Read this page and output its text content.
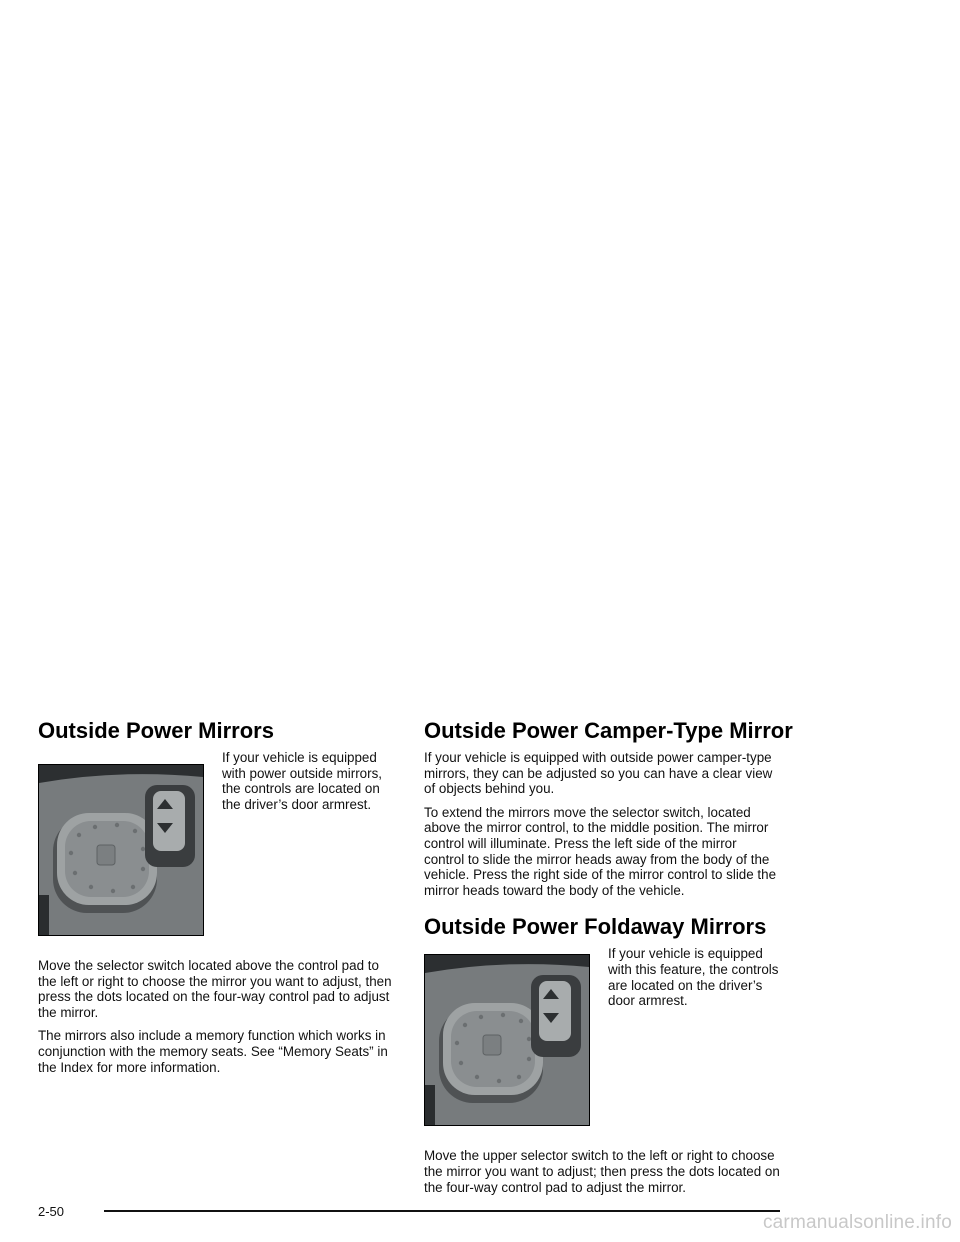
Outside Power Mirrors

If your vehicle is equipped with power outside mirrors, the controls are located on the driver’s door armrest.

Move the selector switch located above the control pad to the left or right to choose the mirror you want to adjust, then press the dots located on the four-way control pad to adjust the mirror.

The mirrors also include a memory function which works in conjunction with the memory seats. See “Memory Seats” in the Index for more information.

Outside Power Camper-Type Mirror

If your vehicle is equipped with outside power camper-type mirrors, they can be adjusted so you can have a clear view of objects behind you.

To extend the mirrors move the selector switch, located above the mirror control, to the middle position. The mirror control will illuminate. Press the left side of the mirror control to slide the mirror heads away from the body of the vehicle. Press the right side of the mirror control to slide the mirror heads toward the body of the vehicle.

Outside Power Foldaway Mirrors

If your vehicle is equipped with this feature, the controls are located on the driver’s door armrest.

Move the upper selector switch to the left or right to choose the mirror you want to adjust; then press the dots located on the four-way control pad to adjust the mirror.

2-50
carmanualsonline.info
